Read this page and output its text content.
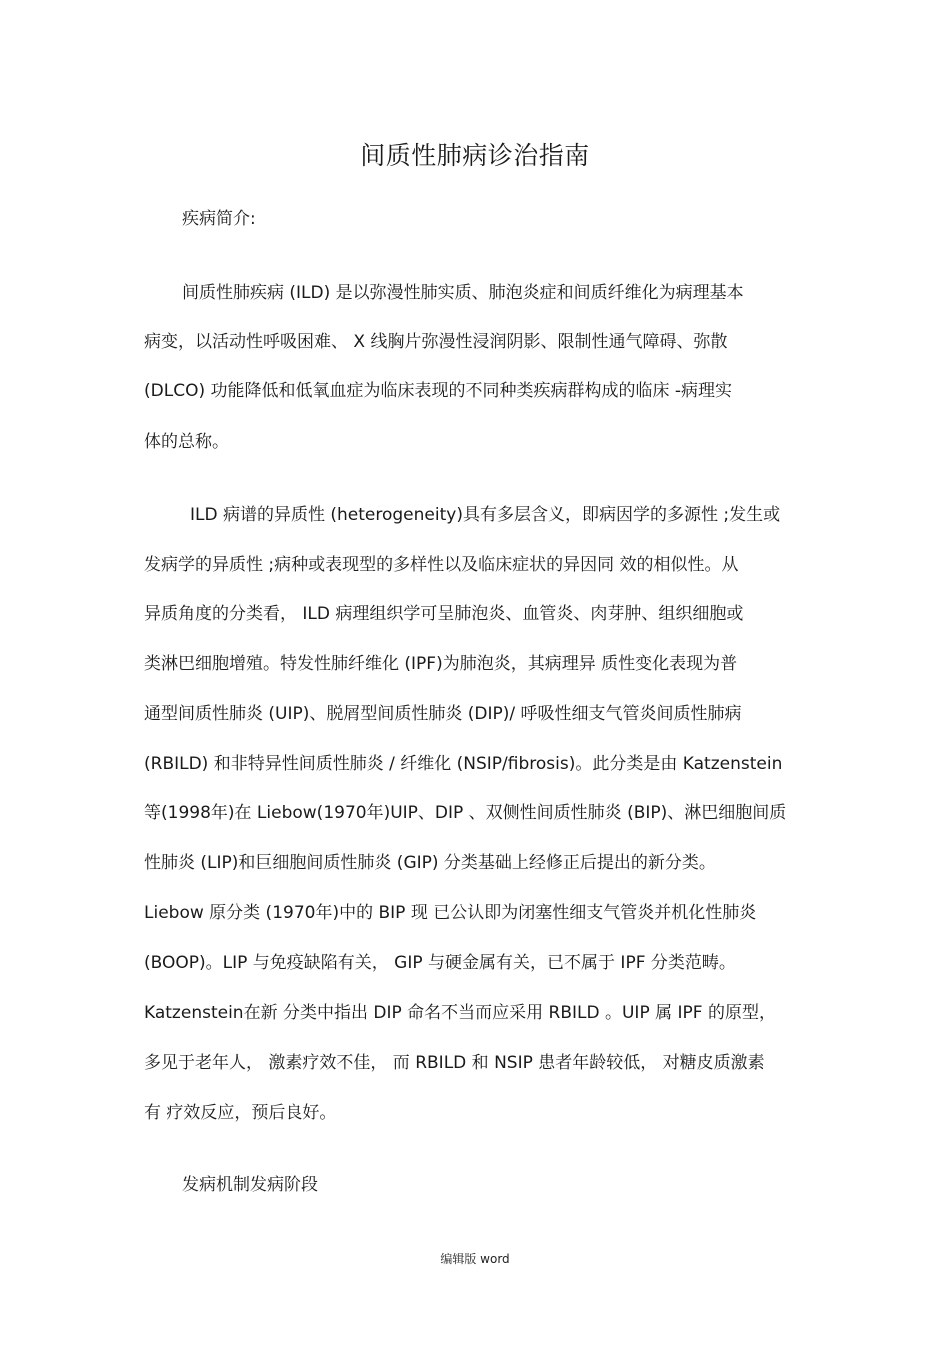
间质性肺病诊治指南
疾病简介:
间质性肺疾病 (ILD) 是以弥漫性肺实质、肺泡炎症和间质纤维化为病理基本
病变，以活动性呼吸困难、 X 线胸片弥漫性浸润阴影、限制性通气障碍、弥散
(DLCO) 功能降低和低氧血症为临床表现的不同种类疾病群构成的临床 -病理实
体的总称。
ILD 病谱的异质性 (heterogeneity)具有多层含义，即病因学的多源性 ;发生或
发病学的异质性 ;病种或表现型的多样性以及临床症状的异因同 效的相似性。从
异质角度的分类看， ILD 病理组织学可呈肺泡炎、血管炎、肉芽肿、组织细胞或
类淋巴细胞增殖。特发性肺纤维化 (IPF)为肺泡炎，其病理异 质性变化表现为普
通型间质性肺炎 (UIP)、脱屑型间质性肺炎 (DIP)/ 呼吸性细支气管炎间质性肺病
(RBILD) 和非特异性间质性肺炎 / 纤维化 (NSIP/fibrosis)。此分类是由 Katzenstein
等(1998年)在 Liebow(1970年)UIP、DIP 、双侧性间质性肺炎 (BIP)、淋巴细胞间质
性肺炎 (LIP)和巨细胞间质性肺炎 (GIP) 分类基础上经修正后提出的新分类。
Liebow 原分类 (1970年)中的 BIP 现 已公认即为闭塞性细支气管炎并机化性肺炎
(BOOP)。LIP 与免疫缺陷有关， GIP 与硬金属有关，已不属于 IPF 分类范畴。
Katzenstein在新 分类中指出 DIP 命名不当而应采用 RBILD 。UIP 属 IPF 的原型，
多见于老年人， 激素疗效不佳， 而 RBILD 和 NSIP 患者年龄较低， 对糖皮质激素
有 疗效反应，预后良好。
发病机制发病阶段
编辑版 word
